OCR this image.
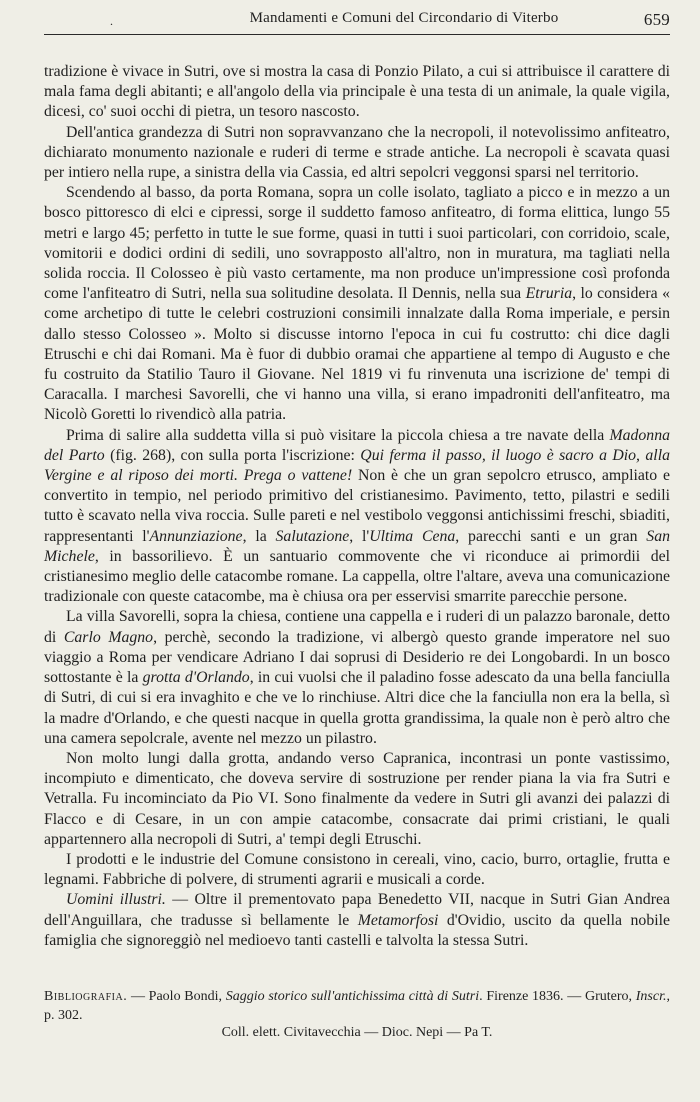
.	Mandamenti e Comuni del Circondario di Viterbo	659

tradizione è vivace in Sutri, ove si mostra la casa di Ponzio Pilato, a cui si attribuisce il carattere di mala fama degli abitanti; e all'angolo della via principale è una testa di un animale, la quale vigila, dicesi, co' suoi occhi di pietra, un tesoro nascosto.

Dell'antica grandezza di Sutri non sopravvanzano che la necropoli, il notevolissimo anfiteatro, dichiarato monumento nazionale e ruderi di terme e strade antiche. La necropoli è scavata quasi per intiero nella rupe, a sinistra della via Cassia, ed altri sepolcri veggonsi sparsi nel territorio.

Scendendo al basso, da porta Romana, sopra un colle isolato, tagliato a picco e in mezzo a un bosco pittoresco di elci e cipressi, sorge il suddetto famoso anfiteatro, di forma elittica, lungo 55 metri e largo 45; perfetto in tutte le sue forme, quasi in tutti i suoi particolari, con corridoio, scale, vomitorii e dodici ordini di sedili, uno sovrapposto all'altro, non in muratura, ma tagliati nella solida roccia. Il Colosseo è più vasto certamente, ma non produce un'impressione così profonda come l'anfiteatro di Sutri, nella sua solitudine desolata. Il Dennis, nella sua Etruria, lo considera « come archetipo di tutte le celebri costruzioni consimili innalzate dalla Roma imperiale, e persin dallo stesso Colosseo ». Molto si discusse intorno l'epoca in cui fu costrutto: chi dice dagli Etruschi e chi dai Romani. Ma è fuor di dubbio oramai che appartiene al tempo di Augusto e che fu costruito da Statilio Tauro il Giovane. Nel 1819 vi fu rinvenuta una iscrizione de' tempi di Caracalla. I marchesi Savorelli, che vi hanno una villa, si erano impadroniti dell'anfiteatro, ma Nicolò Goretti lo rivendicò alla patria.

Prima di salire alla suddetta villa si può visitare la piccola chiesa a tre navate della Madonna del Parto (fig. 268), con sulla porta l'iscrizione: Qui ferma il passo, il luogo è sacro a Dio, alla Vergine e al riposo dei morti. Prega o vattene! Non è che un gran sepolcro etrusco, ampliato e convertito in tempio, nel periodo primitivo del cristianesimo. Pavimento, tetto, pilastri e sedili tutto è scavato nella viva roccia. Sulle pareti e nel vestibolo veggonsi antichissimi freschi, sbiaditi, rappresentanti l'Annunziazione, la Salutazione, l'Ultima Cena, parecchi santi e un gran San Michele, in bassorilievo. È un santuario commovente che vi riconduce ai primordii del cristianesimo meglio delle catacombe romane. La cappella, oltre l'altare, aveva una comunicazione tradizionale con queste catacombe, ma è chiusa ora per esservisi smarrite parecchie persone.

La villa Savorelli, sopra la chiesa, contiene una cappella e i ruderi di un palazzo baronale, detto di Carlo Magno, perchè, secondo la tradizione, vi albergò questo grande imperatore nel suo viaggio a Roma per vendicare Adriano I dai soprusi di Desiderio re dei Longobardi. In un bosco sottostante è la grotta d'Orlando, in cui vuolsi che il paladino fosse adescato da una bella fanciulla di Sutri, di cui si era invaghito e che ve lo rinchiuse. Altri dice che la fanciulla non era la bella, sì la madre d'Orlando, e che questi nacque in quella grotta grandissima, la quale non è però altro che una camera sepolcrale, avente nel mezzo un pilastro.

Non molto lungi dalla grotta, andando verso Capranica, incontrasi un ponte vastissimo, incompiuto e dimenticato, che doveva servire di sostruzione per render piana la via fra Sutri e Vetralla. Fu incominciato da Pio VI. Sono finalmente da vedere in Sutri gli avanzi dei palazzi di Flacco e di Cesare, in un con ampie catacombe, consacrate dai primi cristiani, le quali appartennero alla necropoli di Sutri, a' tempi degli Etruschi.

I prodotti e le industrie del Comune consistono in cereali, vino, cacio, burro, ortaglie, frutta e legnami. Fabbriche di polvere, di strumenti agrarii e musicali a corde.

Uomini illustri. — Oltre il prementovato papa Benedetto VII, nacque in Sutri Gian Andrea dell'Anguillara, che tradusse sì bellamente le Metamorfosi d'Ovidio, uscito da quella nobile famiglia che signoreggiò nel medioevo tanti castelli e talvolta la stessa Sutri.

Bibliografia. — Paolo Bondi, Saggio storico sull'antichissima città di Sutri. Firenze 1836. — Grutero, Inscr., p. 302.
Coll. elett. Civitavecchia — Dioc. Nepi — Pa T.
